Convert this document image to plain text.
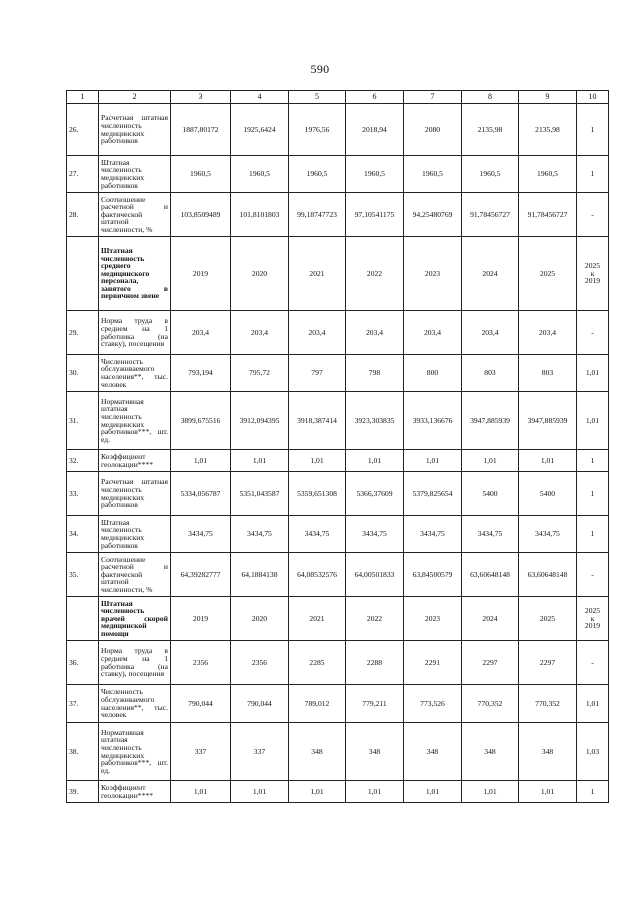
590
1	2	3	4	5	6	7	8	9	10
26.	Расчетная штатная численность медицинских работников	1887,80172	1925,6424	1976,56	2018,94	2080	2135,98	2135,98	1
27.	Штатная численность медицинских работников	1960,5	1960,5	1960,5	1960,5	1960,5	1960,5	1960,5	1
28.	Соотношение расчетной и фактической штатной численности, %	103,8509489	101,8101803	99,18747723	97,10541175	94,25480769	91,78456727	91,78456727	-
	Штатная численность среднего медицинского персонала, занятого в первичном звене	2019	2020	2021	2022	2023	2024	2025	2025
к
2019
29.	Норма труда в среднем на 1 работника (на ставку), посещения	203,4	203,4	203,4	203,4	203,4	203,4	203,4	-
30.	Численность обслуживаемого населения**, тыс. человек	793,194	795,72	797	798	800	803	803	1,01
31.	Нормативная штатная численность медицинских работников***, шт. ед.	3899,675516	3912,094395	3918,387414	3923,303835	3933,136676	3947,885939	3947,885939	1,01
32.	Коэффициент геолокации****	1,01	1,01	1,01	1,01	1,01	1,01	1,01	1
33.	Расчетная штатная численность медицинских работников	5334,056787	5351,043587	5359,651308	5366,37609	5379,825654	5400	5400	1
34.	Штатная численность медицинских работников	3434,75	3434,75	3434,75	3434,75	3434,75	3434,75	3434,75	1
35.	Соотношение расчетной и фактической штатной численности, %	64,39282777	64,1884138	64,08532576	64,00501833	63,84500579	63,60648148	63,60648148	-
	Штатная численность врачей скорой медицинской помощи	2019	2020	2021	2022	2023	2024	2025	2025
к
2019
36.	Норма труда в среднем на 1 работника (на ставку), посещения	2356	2356	2285	2288	2291	2297	2297	-
37.	Численность обслуживаемого населения**, тыс. человек	790,044	790,044	789,012	779,211	773,526	770,352	770,352	1,01
38.	Нормативная штатная численность медицинских работников***, шт. ед.	337	337	348	348	348	348	348	1,03
39.	Коэффициент геолокации****	1,01	1,01	1,01	1,01	1,01	1,01	1,01	1
